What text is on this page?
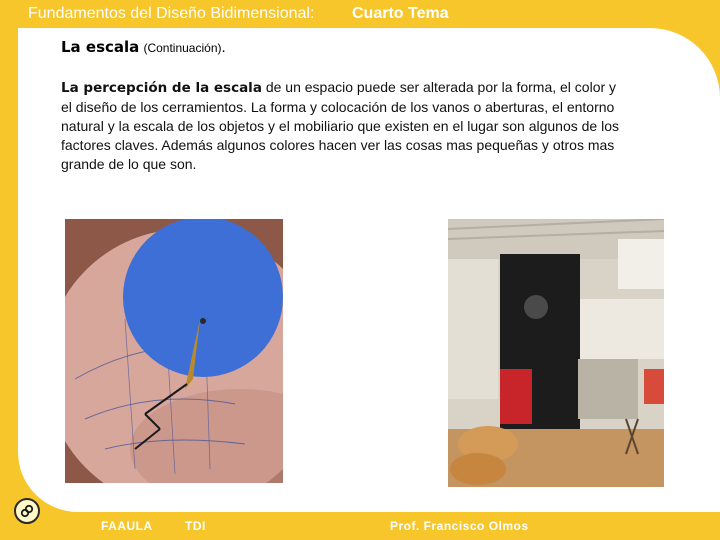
Fundamentos del Diseño Bidimensional: Cuarto Tema
La escala (Continuación).
La percepción de la escala de un espacio puede ser alterada por la forma, el color y el diseño de los cerramientos. La forma y colocación de los vanos o aberturas, el entorno natural y la escala de los objetos y el mobiliario que existen en el lugar son algunos de los factores claves. Además algunos colores hacen ver las cosas mas pequeñas y otros mas grande de lo que son.
FAAULA	TDI	Prof. Francisco Olmos
